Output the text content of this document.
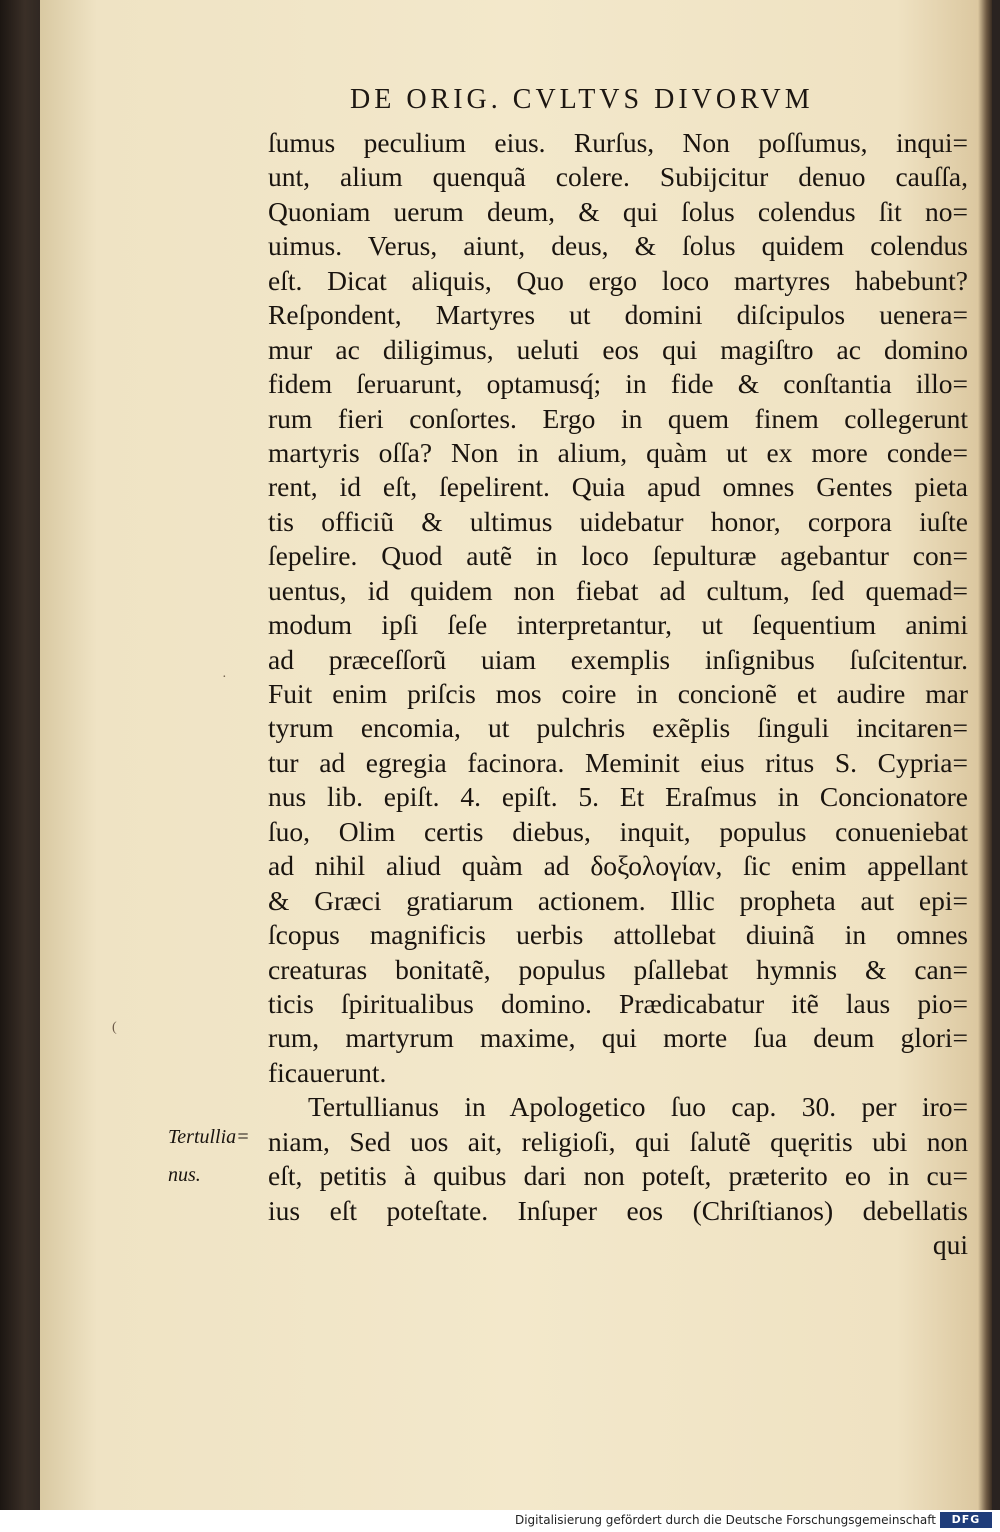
DE ORIG. CVLTVS DIVORVM
Tertullia=
nus.
·
(
ſumus peculium eius. Rurſus, Non poſſumus, inqui=
unt, alium quenquã colere. Subijcitur denuo cauſſa,
Quoniam uerum deum, & qui ſolus colendus ſit no=
uimus. Verus, aiunt, deus, & ſolus quidem colendus
eſt. Dicat aliquis, Quo ergo loco martyres habebunt?
Reſpondent, Martyres ut domini diſcipulos uenera=
mur ac diligimus, ueluti eos qui magiſtro ac domino
fidem ſeruarunt, optamusq́; in fide & conſtantia illo=
rum fieri conſortes. Ergo in quem finem collegerunt
martyris oſſa? Non in alium, quàm ut ex more conde=
rent, id eſt, ſepelirent. Quia apud omnes Gentes pieta
tis officiũ & ultimus uidebatur honor, corpora iuſte
ſepelire. Quod autẽ in loco ſepulturæ agebantur con=
uentus, id quidem non fiebat ad cultum, ſed quemad=
modum ipſi ſeſe interpretantur, ut ſequentium animi
ad præceſſorũ uiam exemplis inſignibus ſuſcitentur.
Fuit enim priſcis mos coire in concionẽ et audire mar
tyrum encomia, ut pulchris exẽplis ſinguli incitaren=
tur ad egregia facinora. Meminit eius ritus S. Cypria=
nus lib. epiſt. 4. epiſt. 5. Et Eraſmus in Concionatore
ſuo, Olim certis diebus, inquit, populus conueniebat
ad nihil aliud quàm ad δοξολογίαν, ſic enim appellant
& Græci gratiarum actionem. Illic propheta aut epi=
ſcopus magnificis uerbis attollebat diuinã in omnes
creaturas bonitatẽ, populus pſallebat hymnis & can=
ticis ſpiritualibus domino. Prædicabatur itẽ laus pio=
rum, martyrum maxime, qui morte ſua deum glori=
ficauerunt.
Tertullianus in Apologetico ſuo cap. 30. per iro=
niam, Sed uos ait, religioſi, qui ſalutẽ quęritis ubi non
eſt, petitis à quibus dari non poteſt, præterito eo in cu=
ius eſt poteſtate. Inſuper eos (Chriſtianos) debellatis
qui
Digitalisierung gefördert durch die Deutsche Forschungsgemeinschaft	DFG
